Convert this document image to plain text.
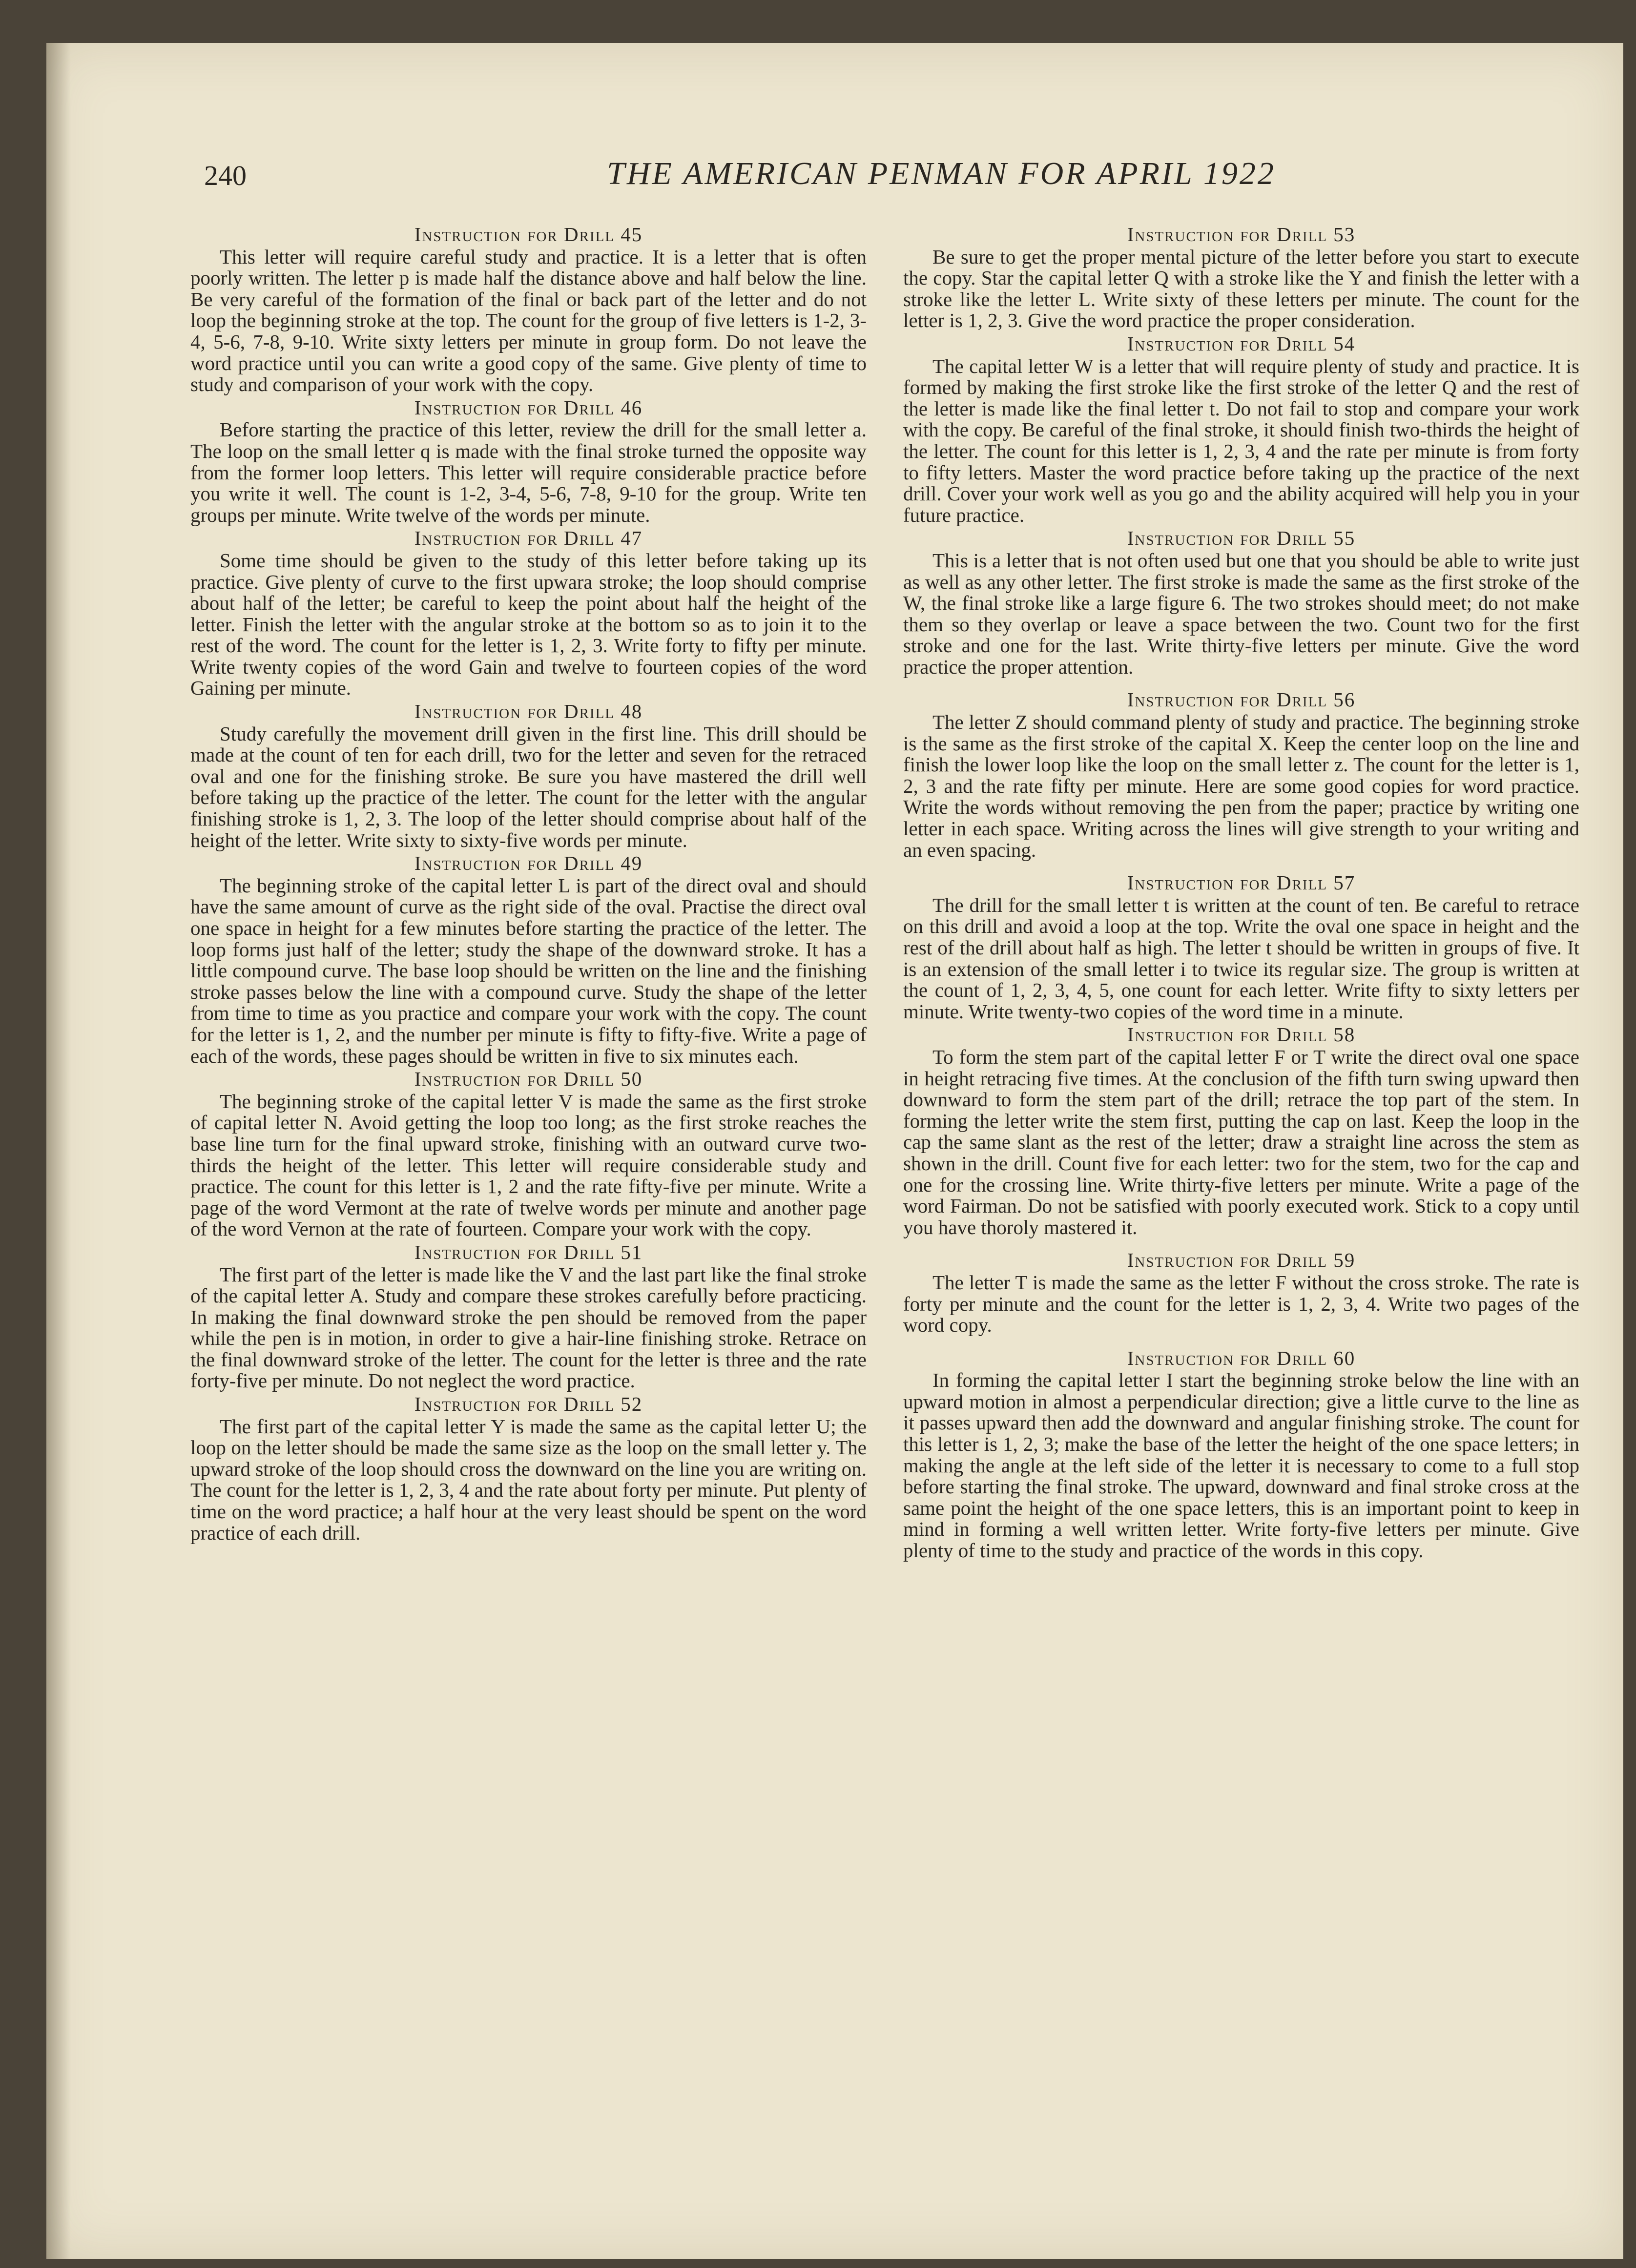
240	THE AMERICAN PENMAN FOR APRIL 1922
Instruction for Drill 45

This letter will require careful study and practice. It is a letter that is often poorly written. The letter p is made half the distance above and half below the line. Be very careful of the formation of the final or back part of the letter and do not loop the beginning stroke at the top. The count for the group of five letters is 1-2, 3-4, 5-6, 7-8, 9-10. Write sixty letters per minute in group form. Do not leave the word practice until you can write a good copy of the same. Give plenty of time to study and comparison of your work with the copy.

Instruction for Drill 46

Before starting the practice of this letter, review the drill for the small letter a. The loop on the small letter q is made with the final stroke turned the opposite way from the former loop letters. This letter will require considerable practice before you write it well. The count is 1-2, 3-4, 5-6, 7-8, 9-10 for the group. Write ten groups per minute. Write twelve of the words per minute.

Instruction for Drill 47

Some time should be given to the study of this letter before taking up its practice. Give plenty of curve to the first upwara stroke; the loop should comprise about half of the letter; be careful to keep the point about half the height of the letter. Finish the letter with the angular stroke at the bottom so as to join it to the rest of the word. The count for the letter is 1, 2, 3. Write forty to fifty per minute. Write twenty copies of the word Gain and twelve to fourteen copies of the word Gaining per minute.

Instruction for Drill 48

Study carefully the movement drill given in the first line. This drill should be made at the count of ten for each drill, two for the letter and seven for the retraced oval and one for the finishing stroke. Be sure you have mastered the drill well before taking up the practice of the letter. The count for the letter with the angular finishing stroke is 1, 2, 3. The loop of the letter should comprise about half of the height of the letter. Write sixty to sixty-five words per minute.

Instruction for Drill 49

The beginning stroke of the capital letter L is part of the direct oval and should have the same amount of curve as the right side of the oval. Practise the direct oval one space in height for a few minutes before starting the practice of the letter. The loop forms just half of the letter; study the shape of the downward stroke. It has a little compound curve. The base loop should be written on the line and the finishing stroke passes below the line with a compound curve. Study the shape of the letter from time to time as you practice and compare your work with the copy. The count for the letter is 1, 2, and the number per minute is fifty to fifty-five. Write a page of each of the words, these pages should be written in five to six minutes each.

Instruction for Drill 50

The beginning stroke of the capital letter V is made the same as the first stroke of capital letter N. Avoid getting the loop too long; as the first stroke reaches the base line turn for the final upward stroke, finishing with an outward curve two-thirds the height of the letter. This letter will require considerable study and practice. The count for this letter is 1, 2 and the rate fifty-five per minute. Write a page of the word Vermont at the rate of twelve words per minute and another page of the word Vernon at the rate of fourteen. Compare your work with the copy.

Instruction for Drill 51

The first part of the letter is made like the V and the last part like the final stroke of the capital letter A. Study and compare these strokes carefully before practicing. In making the final downward stroke the pen should be removed from the paper while the pen is in motion, in order to give a hair-line finishing stroke. Retrace on the final downward stroke of the letter. The count for the letter is three and the rate forty-five per minute. Do not neglect the word practice.

Instruction for Drill 52

The first part of the capital letter Y is made the same as the capital letter U; the loop on the letter should be made the same size as the loop on the small letter y. The upward stroke of the loop should cross the downward on the line you are writing on. The count for the letter is 1, 2, 3, 4 and the rate about forty per minute. Put plenty of time on the word practice; a half hour at the very least should be spent on the word practice of each drill.

Instruction for Drill 53

Be sure to get the proper mental picture of the letter before you start to execute the copy. Star the capital letter Q with a stroke like the Y and finish the letter with a stroke like the letter L. Write sixty of these letters per minute. The count for the letter is 1, 2, 3. Give the word practice the proper consideration.

Instruction for Drill 54

The capital letter W is a letter that will require plenty of study and practice. It is formed by making the first stroke like the first stroke of the letter Q and the rest of the letter is made like the final letter t. Do not fail to stop and compare your work with the copy. Be careful of the final stroke, it should finish two-thirds the height of the letter. The count for this letter is 1, 2, 3, 4 and the rate per minute is from forty to fifty letters. Master the word practice before taking up the practice of the next drill. Cover your work well as you go and the ability acquired will help you in your future practice.

Instruction for Drill 55

This is a letter that is not often used but one that you should be able to write just as well as any other letter. The first stroke is made the same as the first stroke of the W, the final stroke like a large figure 6. The two strokes should meet; do not make them so they overlap or leave a space between the two. Count two for the first stroke and one for the last. Write thirty-five letters per minute. Give the word practice the proper attention.

Instruction for Drill 56

The letter Z should command plenty of study and practice. The beginning stroke is the same as the first stroke of the capital X. Keep the center loop on the line and finish the lower loop like the loop on the small letter z. The count for the letter is 1, 2, 3 and the rate fifty per minute. Here are some good copies for word practice. Write the words without removing the pen from the paper; practice by writing one letter in each space. Writing across the lines will give strength to your writing and an even spacing.

Instruction for Drill 57

The drill for the small letter t is written at the count of ten. Be careful to retrace on this drill and avoid a loop at the top. Write the oval one space in height and the rest of the drill about half as high. The letter t should be written in groups of five. It is an extension of the small letter i to twice its regular size. The group is written at the count of 1, 2, 3, 4, 5, one count for each letter. Write fifty to sixty letters per minute. Write twenty-two copies of the word time in a minute.

Instruction for Drill 58

To form the stem part of the capital letter F or T write the direct oval one space in height retracing five times. At the conclusion of the fifth turn swing upward then downward to form the stem part of the drill; retrace the top part of the stem. In forming the letter write the stem first, putting the cap on last. Keep the loop in the cap the same slant as the rest of the letter; draw a straight line across the stem as shown in the drill. Count five for each letter: two for the stem, two for the cap and one for the crossing line. Write thirty-five letters per minute. Write a page of the word Fairman. Do not be satisfied with poorly executed work. Stick to a copy until you have thoroly mastered it.

Instruction for Drill 59

The letter T is made the same as the letter F without the cross stroke. The rate is forty per minute and the count for the letter is 1, 2, 3, 4. Write two pages of the word copy.

Instruction for Drill 60

In forming the capital letter I start the beginning stroke below the line with an upward motion in almost a perpendicular direction; give a little curve to the line as it passes upward then add the downward and angular finishing stroke. The count for this letter is 1, 2, 3; make the base of the letter the height of the one space letters; in making the angle at the left side of the letter it is necessary to come to a full stop before starting the final stroke. The upward, downward and final stroke cross at the same point the height of the one space letters, this is an important point to keep in mind in forming a well written letter. Write forty-five letters per minute. Give plenty of time to the study and practice of the words in this copy.
